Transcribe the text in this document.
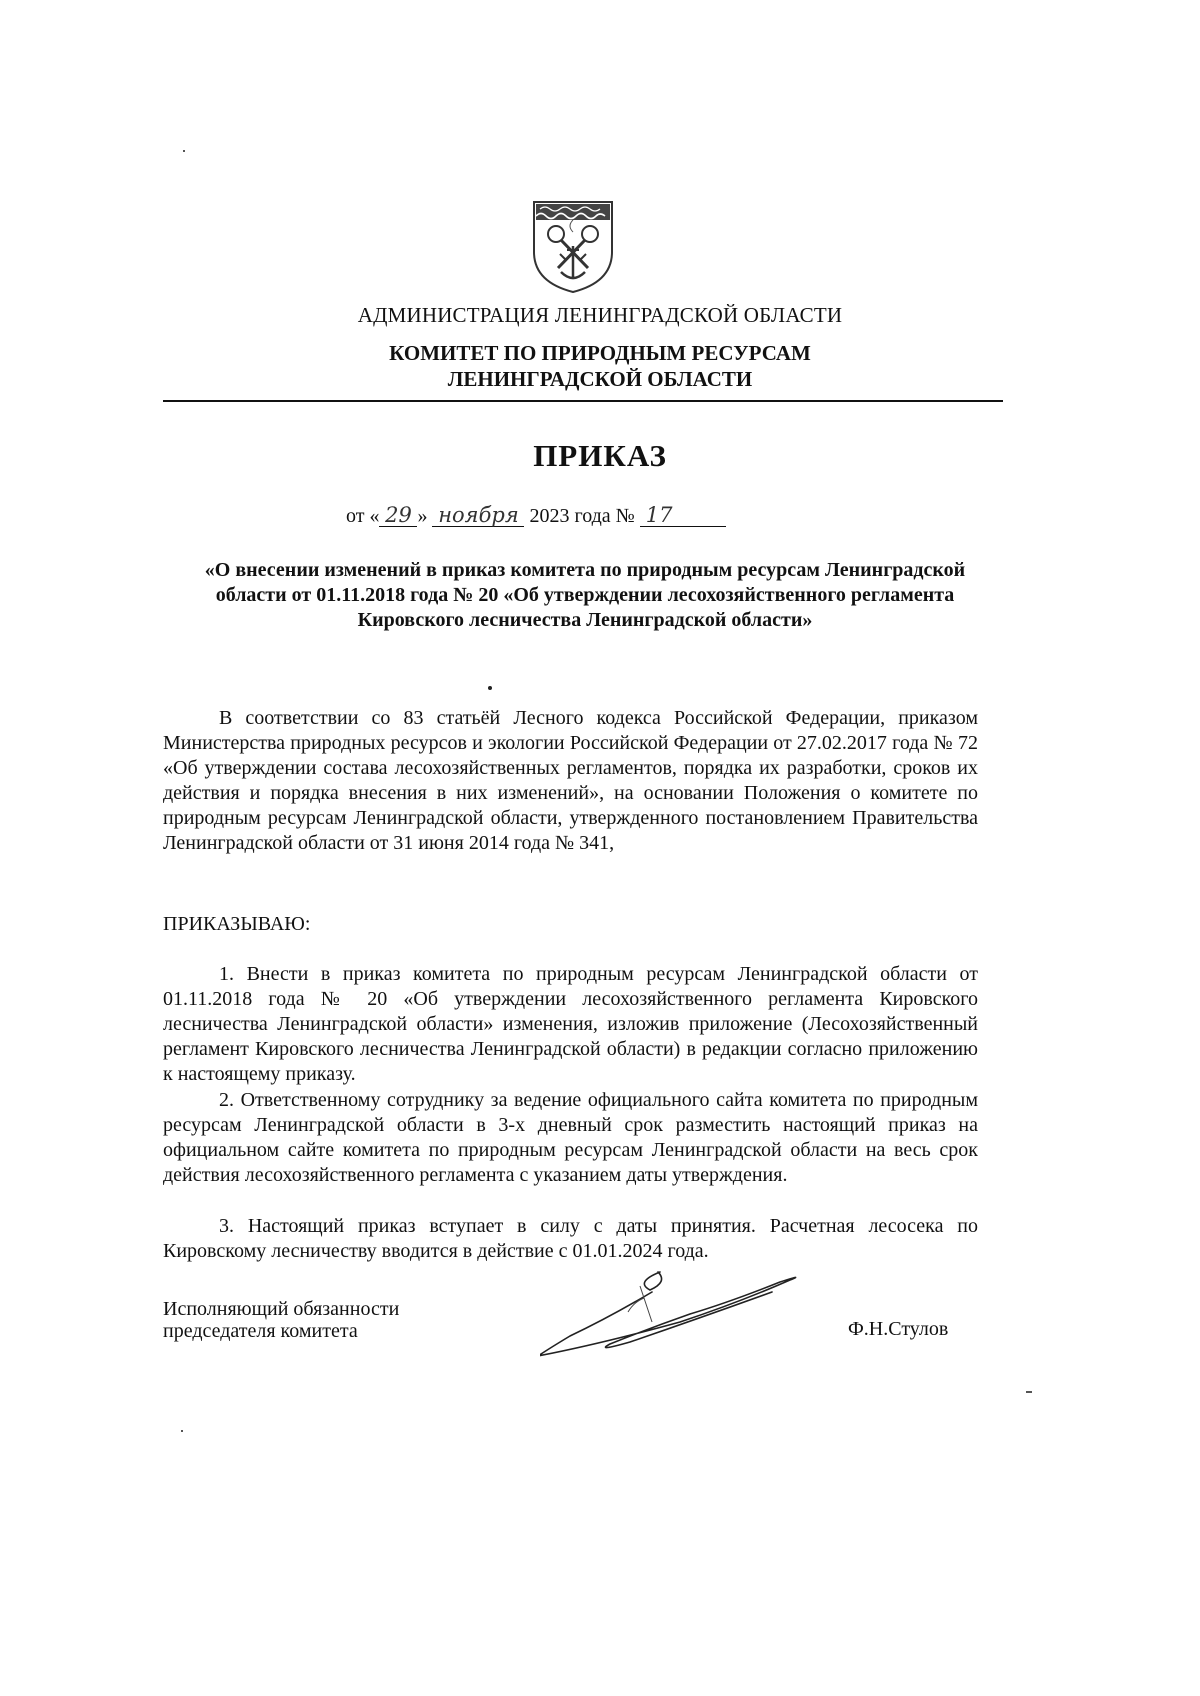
АДМИНИСТРАЦИЯ ЛЕНИНГРАДСКОЙ ОБЛАСТИ
КОМИТЕТ ПО ПРИРОДНЫМ РЕСУРСАМ
ЛЕНИНГРАДСКОЙ ОБЛАСТИ
ПРИКАЗ
от « 29 » ноября 2023 года № 17
«О внесении изменений в приказ комитета по природным ресурсам Ленинградской области от 01.11.2018 года № 20 «Об утверждении лесохозяйственного регламента Кировского лесничества Ленинградской области»
В соответствии со 83 статьёй Лесного кодекса Российской Федерации, приказом Министерства природных ресурсов и экологии Российской Федерации от 27.02.2017 года № 72 «Об утверждении состава лесохозяйственных регламентов, порядка их разработки, сроков их действия и порядка внесения в них изменений», на основании Положения о комитете по природным ресурсам Ленинградской области, утвержденного постановлением Правительства Ленинградской области от 31 июня 2014 года № 341,
ПРИКАЗЫВАЮ:
1. Внести в приказ комитета по природным ресурсам Ленинградской области от 01.11.2018 года № 20 «Об утверждении лесохозяйственного регламента Кировского лесничества Ленинградской области» изменения, изложив приложение (Лесохозяйственный регламент Кировского лесничества Ленинградской области) в редакции согласно приложению к настоящему приказу.
2. Ответственному сотруднику за ведение официального сайта комитета по природным ресурсам Ленинградской области в 3-х дневный срок разместить настоящий приказ на официальном сайте комитета по природным ресурсам Ленинградской области на весь срок действия лесохозяйственного регламента с указанием даты утверждения.
3. Настоящий приказ вступает в силу с даты принятия. Расчетная лесосека по Кировскому лесничеству вводится в действие с 01.01.2024 года.
Исполняющий обязанности
председателя комитета	Ф.Н.Стулов
